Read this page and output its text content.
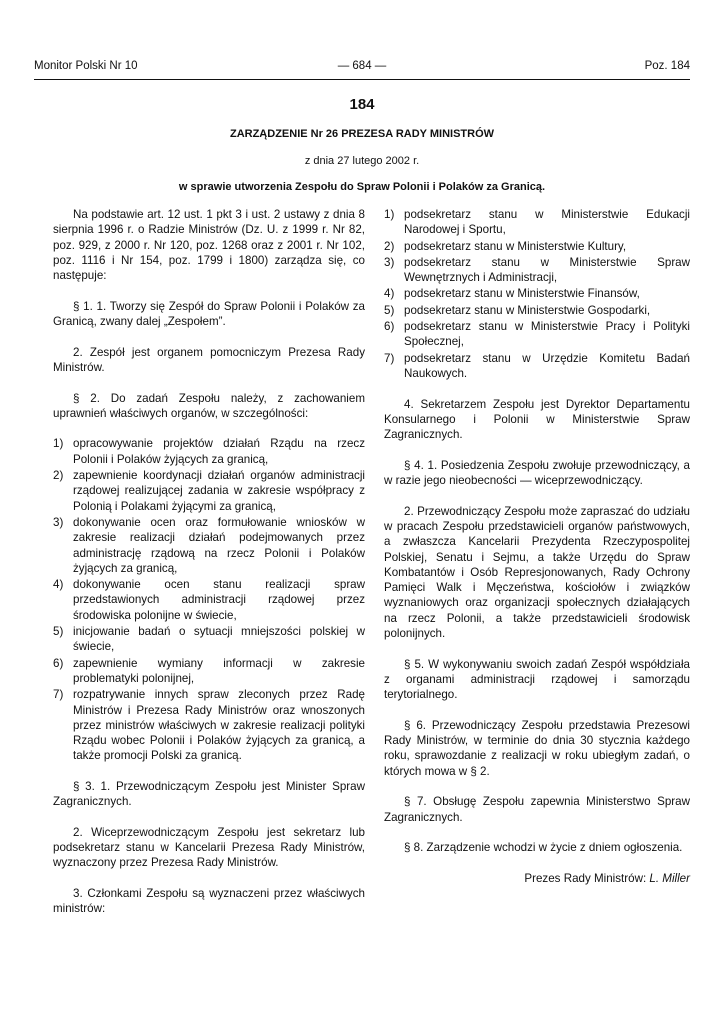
Monitor Polski Nr 10	— 684 —	Poz. 184
184
ZARZĄDZENIE Nr 26 PREZESA RADY MINISTRÓW
z dnia 27 lutego 2002 r.
w sprawie utworzenia Zespołu do Spraw Polonii i Polaków za Granicą.

Na podstawie art. 12 ust. 1 pkt 3 i ust. 2 ustawy z dnia 8 sierpnia 1996 r. o Radzie Ministrów (Dz. U. z 1999 r. Nr 82, poz. 929, z 2000 r. Nr 120, poz. 1268 oraz z 2001 r. Nr 102, poz. 1116 i Nr 154, poz. 1799 i 1800) zarządza się, co następuje:

§ 1. 1. Tworzy się Zespół do Spraw Polonii i Polaków za Granicą, zwany dalej „Zespołem”.

2. Zespół jest organem pomocniczym Prezesa Rady Ministrów.

§ 2. Do zadań Zespołu należy, z zachowaniem uprawnień właściwych organów, w szczególności:

1) opracowywanie projektów działań Rządu na rzecz Polonii i Polaków żyjących za granicą,
2) zapewnienie koordynacji działań organów administracji rządowej realizującej zadania w zakresie współpracy z Polonią i Polakami żyjącymi za granicą,
3) dokonywanie ocen oraz formułowanie wniosków w zakresie realizacji działań podejmowanych przez administrację rządową na rzecz Polonii i Polaków żyjących za granicą,
4) dokonywanie ocen stanu realizacji spraw przedstawionych administracji rządowej przez środowiska polonijne w świecie,
5) inicjowanie badań o sytuacji mniejszości polskiej w świecie,
6) zapewnienie wymiany informacji w zakresie problematyki polonijnej,
7) rozpatrywanie innych spraw zleconych przez Radę Ministrów i Prezesa Rady Ministrów oraz wnoszonych przez ministrów właściwych w zakresie realizacji polityki Rządu wobec Polonii i Polaków żyjących za granicą, a także promocji Polski za granicą.

§ 3. 1. Przewodniczącym Zespołu jest Minister Spraw Zagranicznych.

2. Wiceprzewodniczącym Zespołu jest sekretarz lub podsekretarz stanu w Kancelarii Prezesa Rady Ministrów, wyznaczony przez Prezesa Rady Ministrów.

3. Członkami Zespołu są wyznaczeni przez właściwych ministrów:

1) podsekretarz stanu w Ministerstwie Edukacji Narodowej i Sportu,
2) podsekretarz stanu w Ministerstwie Kultury,
3) podsekretarz stanu w Ministerstwie Spraw Wewnętrznych i Administracji,
4) podsekretarz stanu w Ministerstwie Finansów,
5) podsekretarz stanu w Ministerstwie Gospodarki,
6) podsekretarz stanu w Ministerstwie Pracy i Polityki Społecznej,
7) podsekretarz stanu w Urzędzie Komitetu Badań Naukowych.

4. Sekretarzem Zespołu jest Dyrektor Departamentu Konsularnego i Polonii w Ministerstwie Spraw Zagranicznych.

§ 4. 1. Posiedzenia Zespołu zwołuje przewodniczący, a w razie jego nieobecności — wiceprzewodniczący.

2. Przewodniczący Zespołu może zapraszać do udziału w pracach Zespołu przedstawicieli organów państwowych, a zwłaszcza Kancelarii Prezydenta Rzeczypospolitej Polskiej, Senatu i Sejmu, a także Urzędu do Spraw Kombatantów i Osób Represjonowanych, Rady Ochrony Pamięci Walk i Męczeństwa, kościołów i związków wyznaniowych oraz organizacji społecznych działających na rzecz Polonii, a także przedstawicieli środowisk polonijnych.

§ 5. W wykonywaniu swoich zadań Zespół współdziała z organami administracji rządowej i samorządu terytorialnego.

§ 6. Przewodniczący Zespołu przedstawia Prezesowi Rady Ministrów, w terminie do dnia 30 stycznia każdego roku, sprawozdanie z realizacji w roku ubiegłym zadań, o których mowa w § 2.

§ 7. Obsługę Zespołu zapewnia Ministerstwo Spraw Zagranicznych.

§ 8. Zarządzenie wchodzi w życie z dniem ogłoszenia.

Prezes Rady Ministrów: L. Miller
